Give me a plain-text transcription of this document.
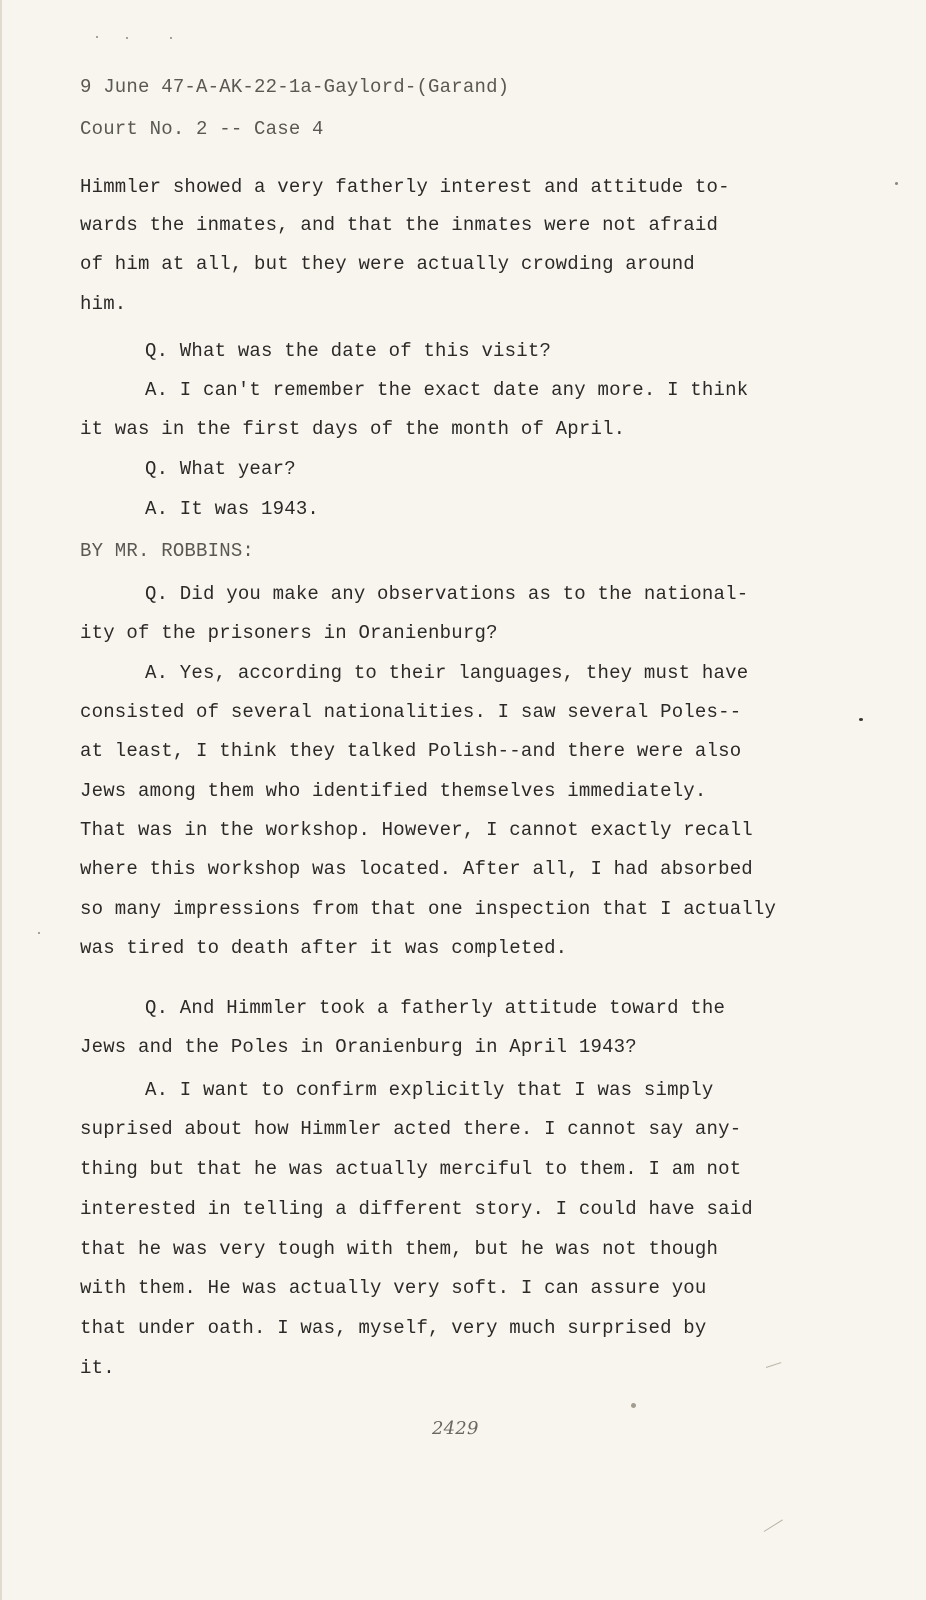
9 June 47-A-AK-22-1a-Gaylord-(Garand)
Court No. 2 -- Case 4
Himmler showed a very fatherly interest and attitude to-
wards the inmates, and that the inmates were not afraid
of him at all, but they were actually crowding around
him.
Q. What was the date of this visit?
A. I can't remember the exact date any more. I think
it was in the first days of the month of April.
Q. What year?
A. It was 1943.
BY MR. ROBBINS:
Q. Did you make any observations as to the national-
ity of the prisoners in Oranienburg?
A. Yes, according to their languages, they must have
consisted of several nationalities. I saw several Poles--
at least, I think they talked Polish--and there were also
Jews among them who identified themselves immediately.
That was in the workshop. However, I cannot exactly recall
where this workshop was located. After all, I had absorbed
so many impressions from that one inspection that I actually
was tired to death after it was completed.
Q. And Himmler took a fatherly attitude toward the
Jews and the Poles in Oranienburg in April 1943?
A. I want to confirm explicitly that I was simply
suprised about how Himmler acted there. I cannot say any-
thing but that he was actually merciful to them. I am not
interested in telling a different story. I could have said
that he was very tough with them, but he was not though
with them. He was actually very soft. I can assure you
that under oath. I was, myself, very much surprised by
it.
2429
